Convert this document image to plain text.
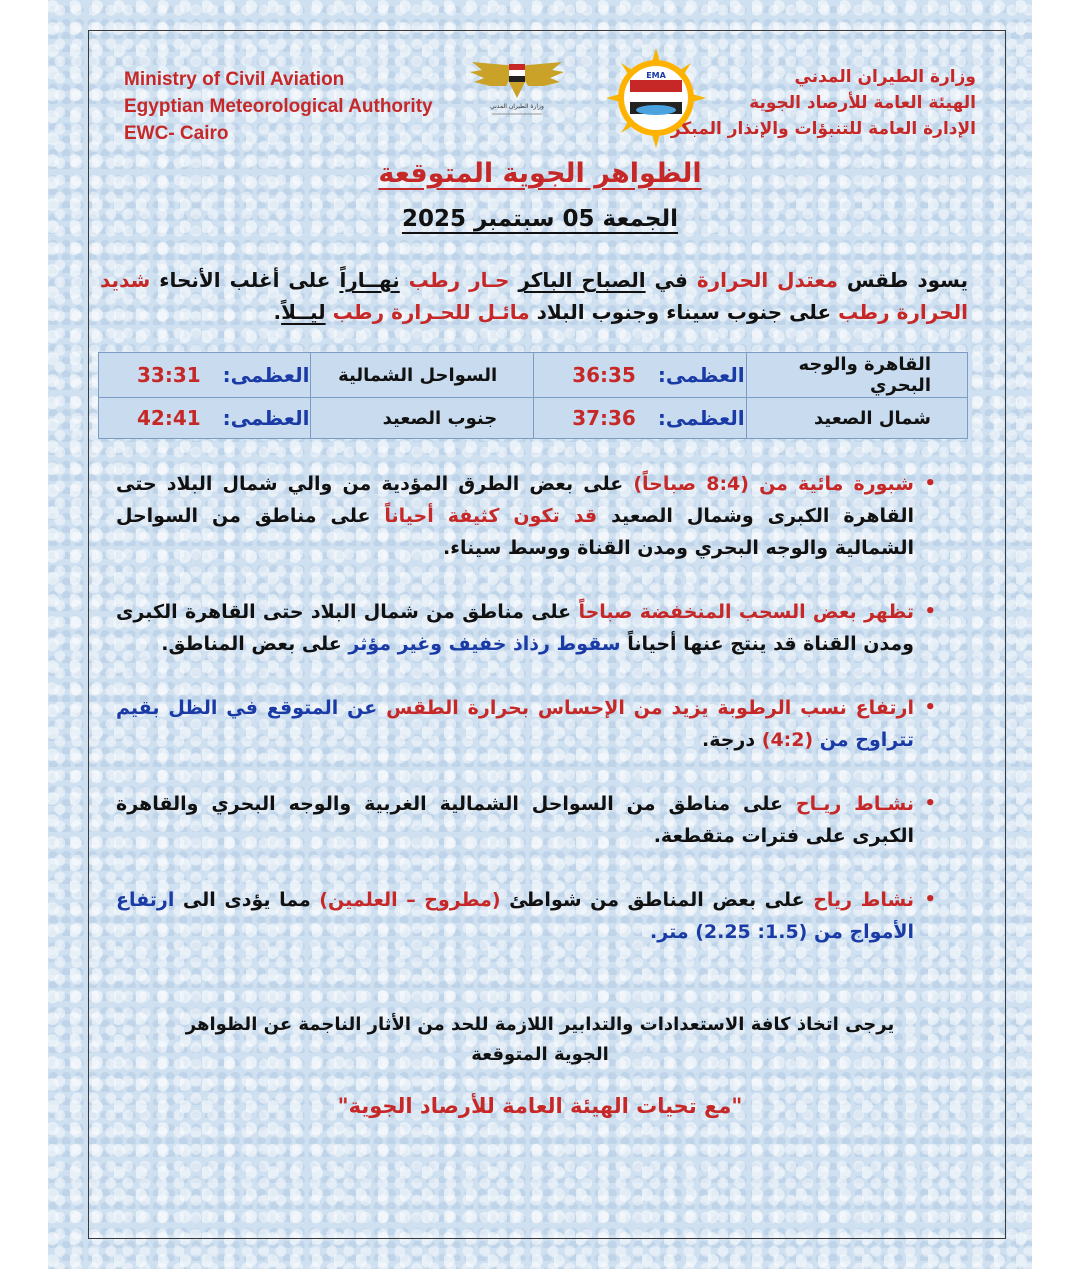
Ministry of Civil Aviation
Egyptian Meteorological Authority
EWC- Cairo
وزارة الطيران المدني
EMA	وزارة الطيران المدني
الهيئة العامة للأرصاد الجوية
الإدارة العامة للتنبؤات والإنذار المبكر
الظواهر الجوية المتوقعة
الجمعة 05 سبتمبر 2025
يسود طقس معتدل الحرارة في الصباح الباكر حـار رطب نهــاراً على أغلب الأنحاء شديد الحرارة رطب على جنوب سيناء وجنوب البلاد مائـل للحـرارة رطب ليــلاً.
القاهرة والوجه البحري	العظمى:36:35	السواحل الشمالية	العظمى:33:31
شمال الصعيد	العظمى:37:36	جنوب الصعيد	العظمى:42:41
•
شبورة مائية من (8:4 صباحاً) على بعض الطرق المؤدية من والي شمال البلاد حتى القاهرة الكبرى وشمال الصعيد قد تكون كثيفة أحياناً على مناطق من السواحل الشمالية والوجه البحري ومدن القناة ووسط سيناء.
•
تظهر بعض السحب المنخفضة صباحاً على مناطق من شمال البلاد حتى القاهرة الكبرى ومدن القناة قد ينتج عنها أحياناً سقوط رذاذ خفيف وغير مؤثر على بعض المناطق.
•
ارتفاع نسب الرطوبة يزيد من الإحساس بحرارة الطقس عن المتوقع في الظل بقيم تتراوح من (4:2) درجة.
•
نشـاط ريـاح على مناطق من السواحل الشمالية الغربية والوجه البحري والقاهرة الكبرى على فترات متقطعة.
•
نشاط رياح على بعض المناطق من شواطئ (مطروح – العلمين) مما يؤدى الى ارتفاع الأمواج من (1.5: 2.25) متر.
يرجى اتخاذ كافة الاستعدادات والتدابير اللازمة للحد من الأثار الناجمة عن الظواهر الجوية المتوقعة
"مع تحيات الهيئة العامة للأرصاد الجوية"
